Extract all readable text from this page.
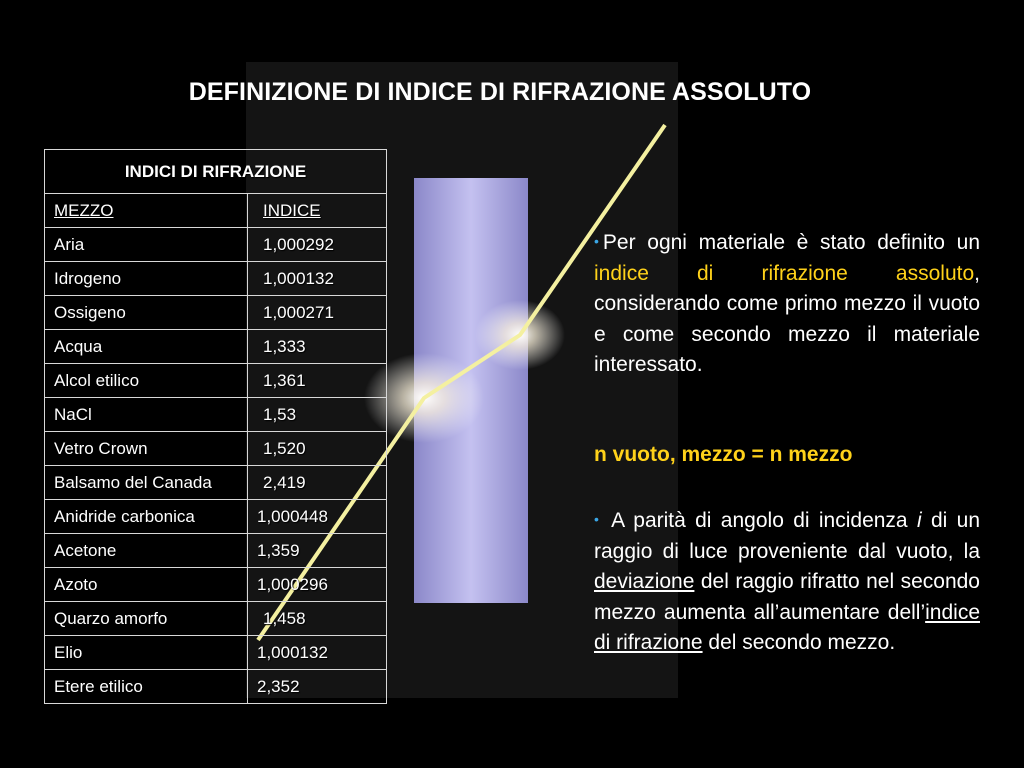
DEFINIZIONE DI INDICE DI RIFRAZIONE ASSOLUTO
INDICI DI RIFRAZIONE	
MEZZO	INDICE
Aria	1,000292
Idrogeno	1,000132
Ossigeno	1,000271
Acqua	1,333
Alcol etilico	1,361
NaCl	1,53
Vetro Crown	1,520
Balsamo del Canada	2,419
Anidride carbonica	1,000448
Acetone	1,359
Azoto	1,000296
Quarzo amorfo	1,458
Elio	1,000132
Etere etilico	2,352
• Per ogni materiale è stato definito un indice di rifrazione assoluto, considerando come primo mezzo il vuoto e come secondo mezzo il materiale interessato.
n vuoto, mezzo = n mezzo
• A parità di angolo di incidenza i di un raggio di luce proveniente dal vuoto, la deviazione del raggio rifratto nel secondo mezzo aumenta all’aumentare dell’indice di rifrazione del secondo mezzo.
